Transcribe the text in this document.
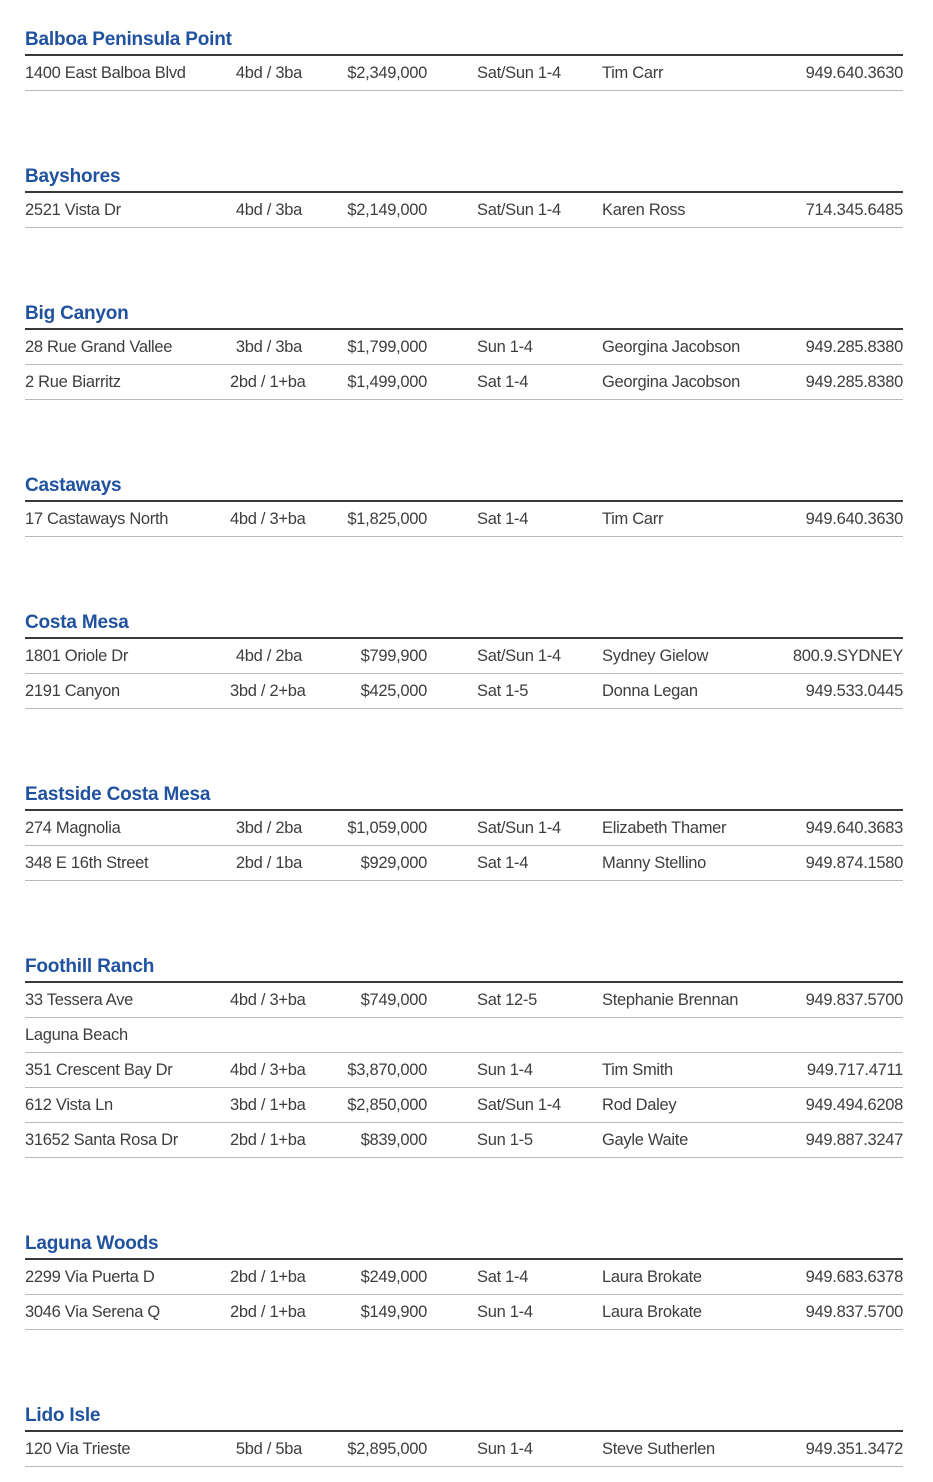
Balboa Peninsula Point
1400 East Balboa Blvd	4bd / 3ba	$2,349,000	Sat/Sun 1-4	Tim Carr	949.640.3630
Bayshores
2521 Vista Dr	4bd / 3ba	$2,149,000	Sat/Sun 1-4	Karen Ross	714.345.6485
Big Canyon
28 Rue Grand Vallee	3bd / 3ba	$1,799,000	Sun 1-4	Georgina Jacobson	949.285.8380
2 Rue Biarritz	2bd / 1+ba	$1,499,000	Sat 1-4	Georgina Jacobson	949.285.8380
Castaways
17 Castaways North	4bd / 3+ba	$1,825,000	Sat 1-4	Tim Carr	949.640.3630
Costa Mesa
1801 Oriole Dr	4bd / 2ba	$799,900	Sat/Sun 1-4	Sydney Gielow	800.9.SYDNEY
2191 Canyon	3bd / 2+ba	$425,000	Sat 1-5	Donna Legan	949.533.0445
Eastside Costa Mesa
274 Magnolia	3bd / 2ba	$1,059,000	Sat/Sun 1-4	Elizabeth Thamer	949.640.3683
348 E 16th Street	2bd / 1ba	$929,000	Sat 1-4	Manny Stellino	949.874.1580
Foothill Ranch
33 Tessera Ave	4bd / 3+ba	$749,000	Sat 12-5	Stephanie Brennan	949.837.5700
Laguna Beach
351 Crescent Bay Dr	4bd / 3+ba	$3,870,000	Sun 1-4	Tim Smith	949.717.4711
612 Vista Ln	3bd / 1+ba	$2,850,000	Sat/Sun 1-4	Rod Daley	949.494.6208
31652 Santa Rosa Dr	2bd / 1+ba	$839,000	Sun 1-5	Gayle Waite	949.887.3247
Laguna Woods
2299 Via Puerta D	2bd / 1+ba	$249,000	Sat 1-4	Laura Brokate	949.683.6378
3046 Via Serena Q	2bd / 1+ba	$149,900	Sun 1-4	Laura Brokate	949.837.5700
Lido Isle
120 Via Trieste	5bd / 5ba	$2,895,000	Sun 1-4	Steve Sutherlen	949.351.3472
